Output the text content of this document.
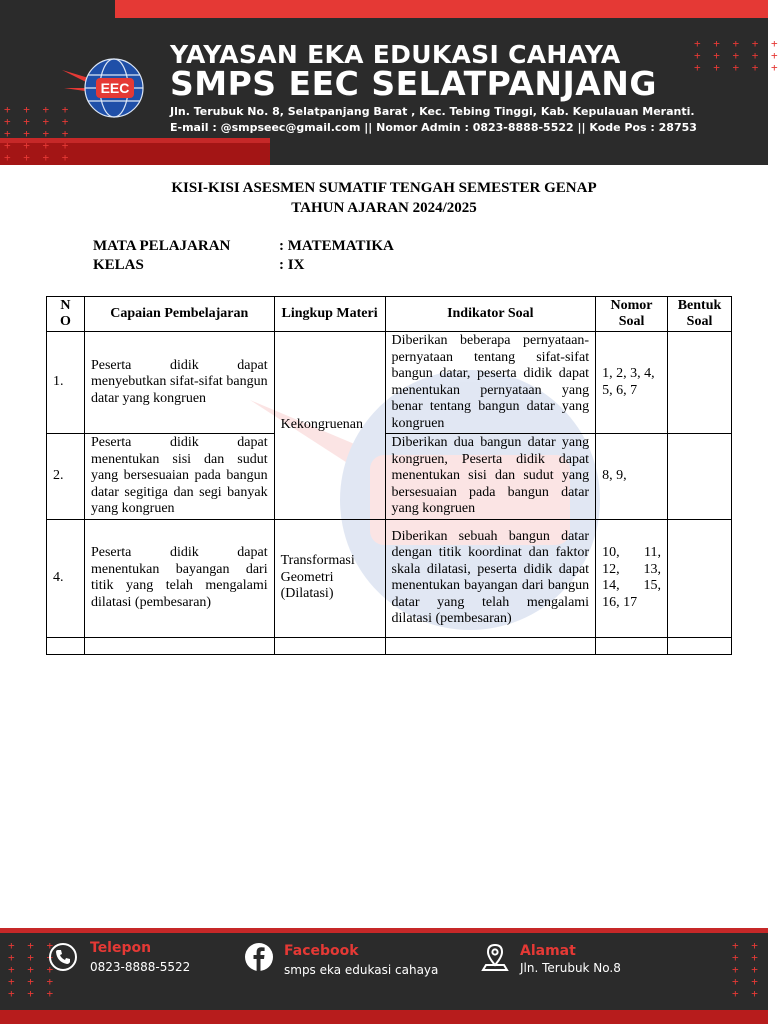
+ + + +
+ + + +
+ + + +
+ + + +
+ + + +
+ + + + +
+ + + + +
+ + + + +
EEC
YAYASAN EKA EDUKASI CAHAYA
SMPS EEC SELATPANJANG
Jln. Terubuk No. 8, Selatpanjang Barat , Kec. Tebing Tinggi, Kab. Kepulauan Meranti.
E-mail : @smpseec@gmail.com || Nomor Admin : 0823-8888-5522 || Kode Pos : 28753
KISI-KISI ASESMEN SUMATIF TENGAH SEMESTER GENAP
TAHUN AJARAN 2024/2025
MATA PELAJARAN	: MATEMATIKA
KELAS	: IX
N O	Capaian Pembelajaran	Lingkup Materi	Indikator Soal	Nomor Soal	Bentuk Soal
1.	Peserta didik dapat menyebutkan sifat-sifat bangun datar yang kongruen	Kekongruenan	Diberikan beberapa pernyataan-pernyataan tentang sifat-sifat bangun datar, peserta didik dapat menentukan pernyataan yang benar tentang bangun datar yang kongruen	1, 2, 3, 4, 5, 6, 7	
2.	Peserta didik dapat menentukan sisi dan sudut yang bersesuaian pada bangun datar segitiga dan segi banyak yang kongruen		Diberikan dua bangun datar yang kongruen, Peserta didik dapat menentukan sisi dan sudut yang bersesuaian pada bangun datar yang kongruen	8, 9,	
4.	Peserta didik dapat menentukan bayangan dari titik yang telah mengalami dilatasi (pembesaran)	Transformasi Geometri (Dilatasi)	Diberikan sebuah bangun datar dengan titik koordinat dan faktor skala dilatasi, peserta didik dapat menentukan bayangan dari bangun datar yang telah mengalami dilatasi (pembesaran)	10, 11, 12, 13, 14, 15, 16, 17	

+ + +
+ + +
+ + +
+ + +
+ + +
+ +
+ +
+ +
+ +
+ +
Telepon
0823-8888-5522
Facebook
smps eka edukasi cahaya
Alamat
Jln. Terubuk No.8
